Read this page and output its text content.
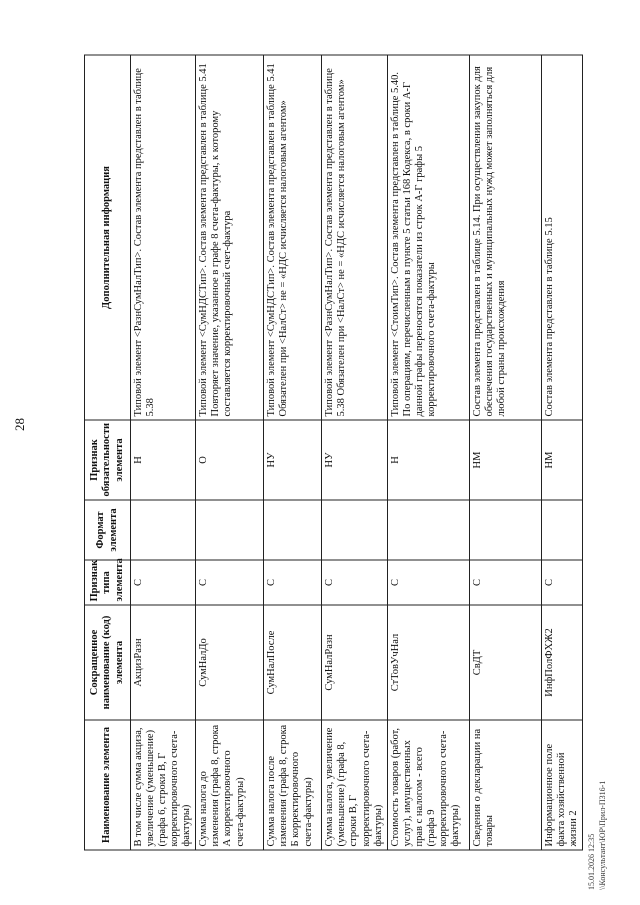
28
Наименование элемента	Сокращенное наименование (код) элемента	Признак типа элемента	Формат элемента	Признак обязательности элемента	Дополнительная информация
В том числе сумма акциза, увеличение (уменьшение) (графа 6, строки В, Г корректировочного счета-фактуры)	АкцизРазн	С		Н	Типовой элемент <РазнСумНалТип>. Состав элемента представлен в таблице 5.38
Сумма налога до изменения (графа 8, строка А корректировочного счета-фактуры)	СумНалДо	С		О	Типовой элемент <СумНДСТип>. Состав элемента представлен в таблице 5.41 Повторяет значение, указанное в графе 8 счета-фактуры, к которому составляется корректировочный счет-фактура
Сумма налога после изменения (графа 8, строка Б корректировочного счета-фактуры)	СумНалПосле	С		НУ	Типовой элемент <СумНДСТип>. Состав элемента представлен в таблице 5.41 Обязателен при <НалСт> не = «НДС исчисляется налоговым агентом»
Сумма налога, увеличение (уменьшение) (графа 8, строки В, Г корректировочного счета-фактуры)	СумНалРазн	С		НУ	Типовой элемент <РазнСумНалТип>. Состав элемента представлен в таблице 5.38 Обязателен при <НалСт> не = «НДС исчисляется налоговым агентом»
Стоимость товаров (работ, услуг), имущественных прав с налогом - всего (графа 9 корректировочного счета-фактуры)	СтТовУчНал	С		Н	Типовой элемент <СтоимТип>. Состав элемента представлен в таблице 5.40. По операциям, перечисленным в пункте 5 статьи 168 Кодекса, в сроки А-Г данной графы переносятся показатели из строк А-Г графы 5 корректировочного счета-фактуры
Сведения о декларации на товары	СвДТ	С		НМ	Состав элемента представлен в таблице 5.14. При осуществлении закупок для обеспечения государственных и муниципальных нужд может заполняться для любой страны происхождения
Информационное поле факта хозяйственной жизни 2	ИнфПолФХЖ2	С		НМ	Состав элемента представлен в таблице 5.15
15.01.2026 12:35 \\Консультант\ЮР\Прил-П316-1
